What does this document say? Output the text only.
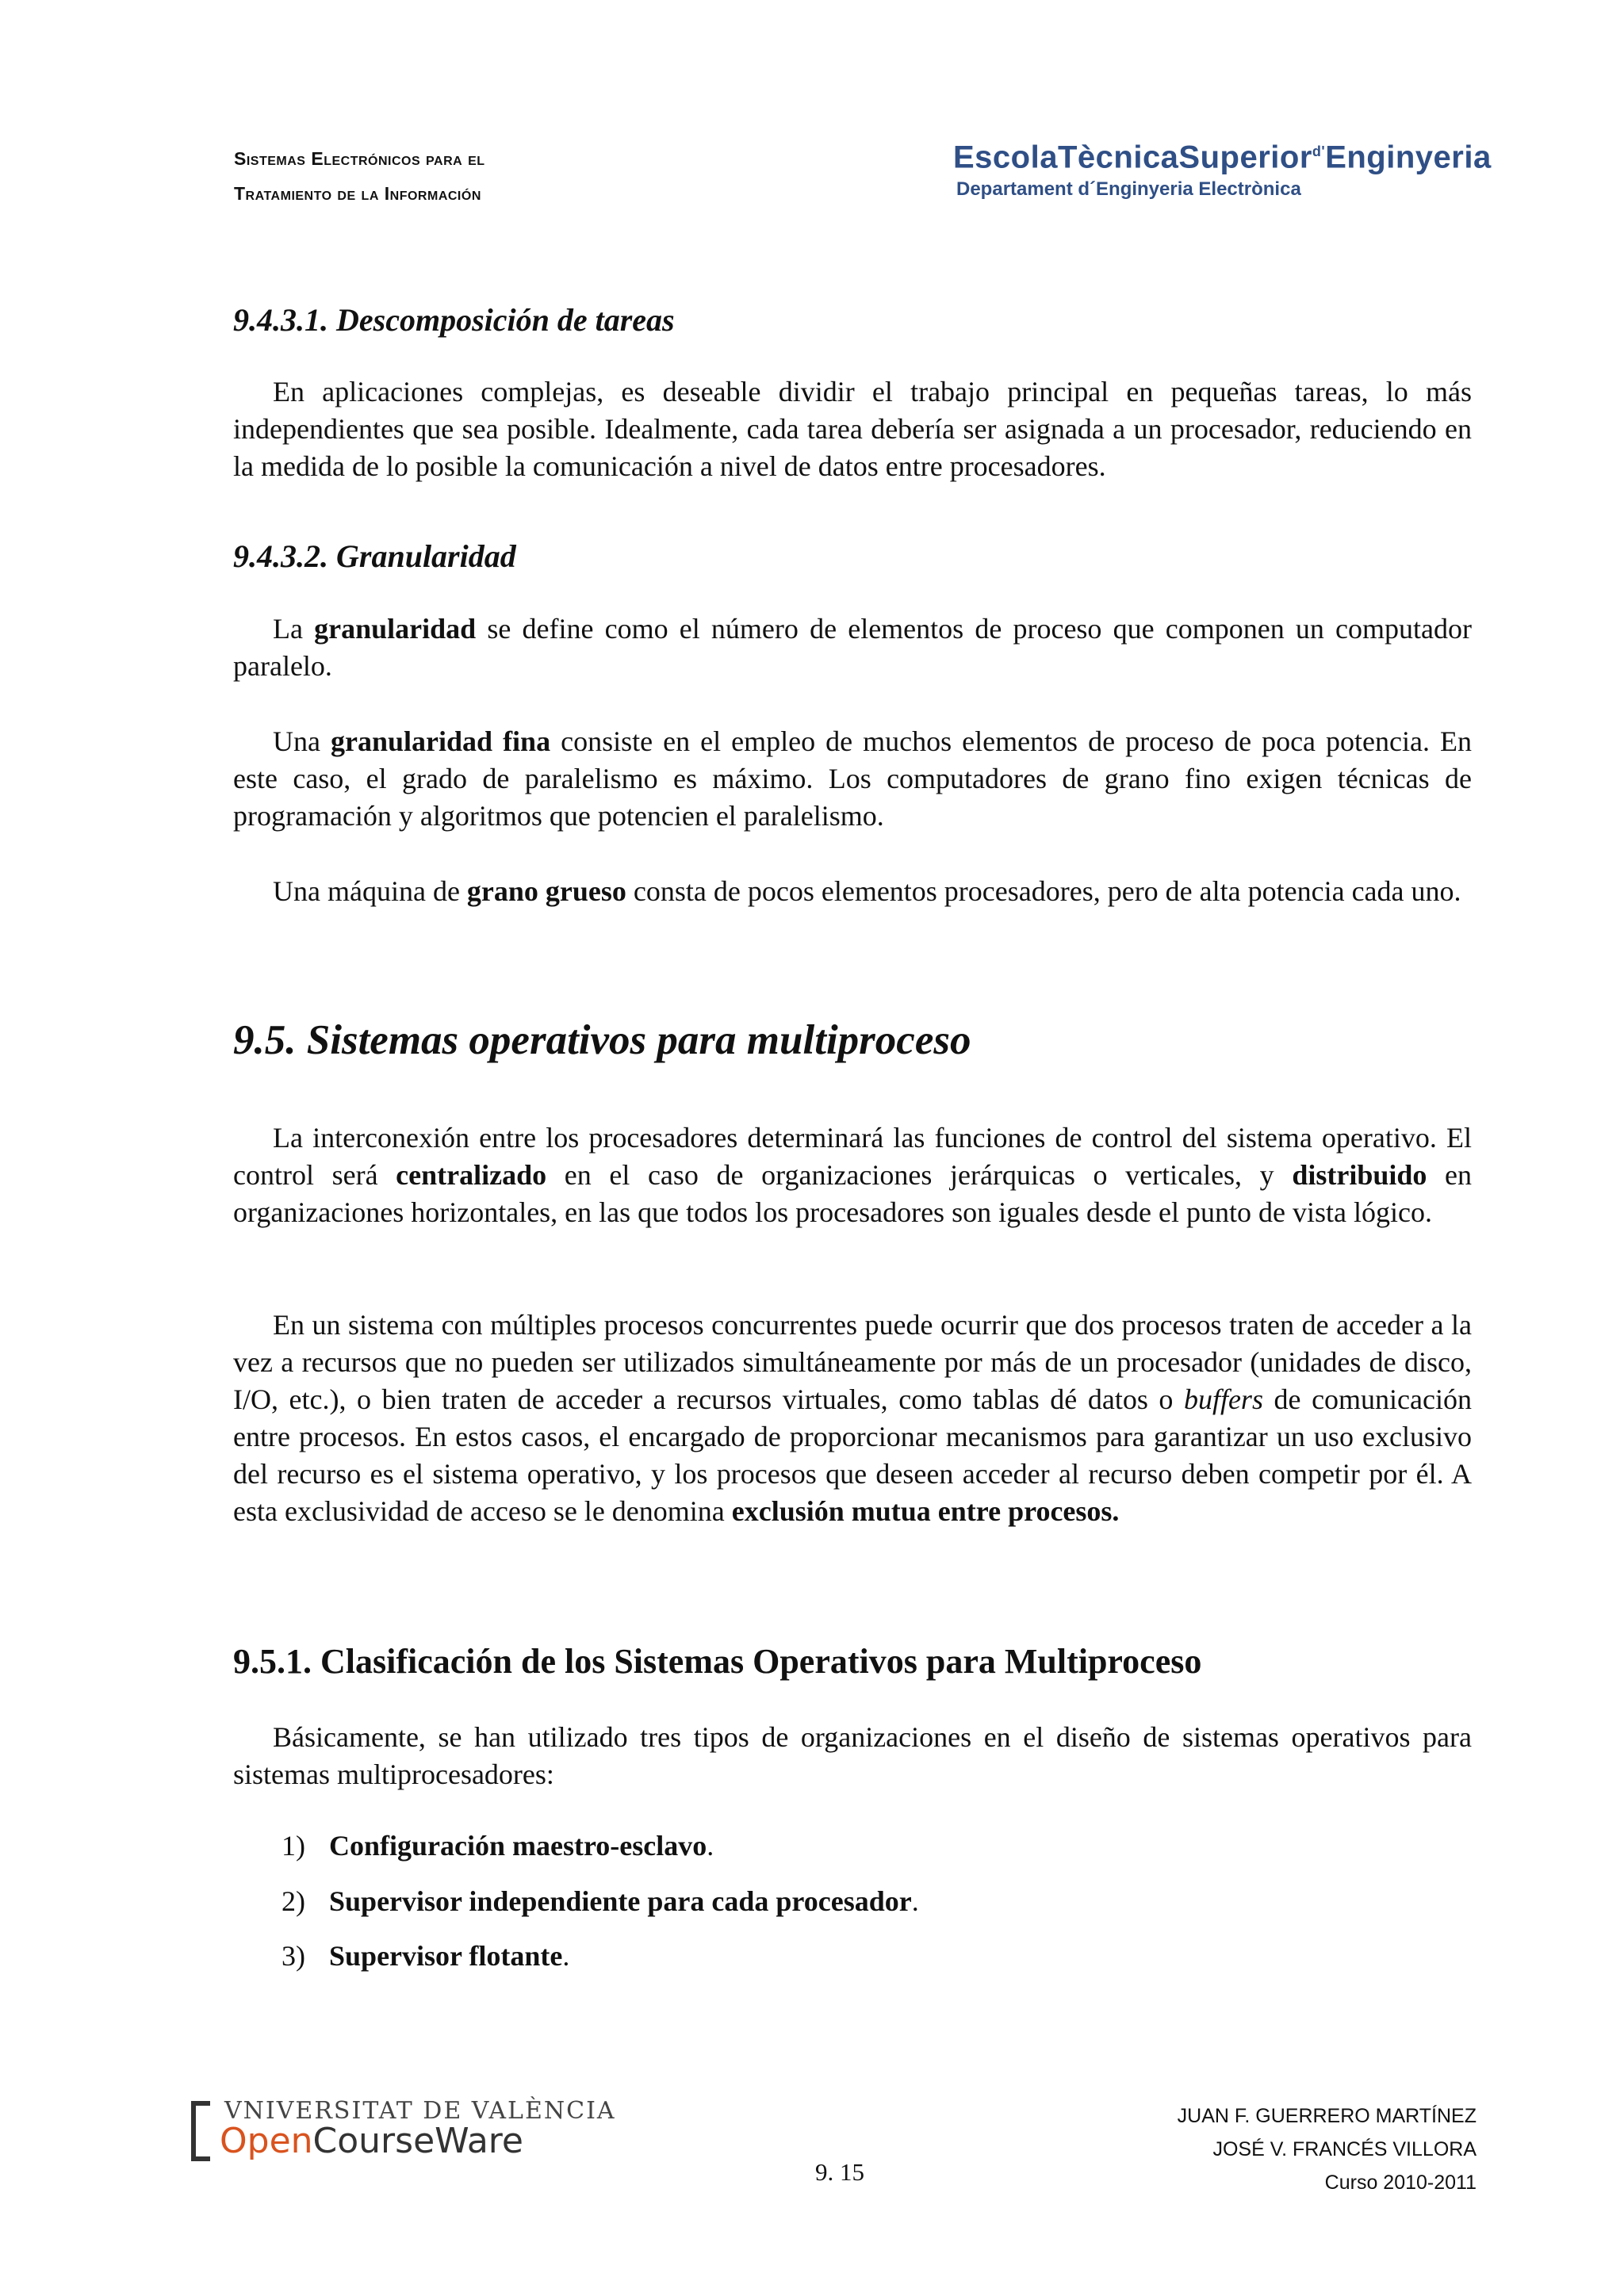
Sistemas Electrónicos para el
Tratamiento de la Información
EscolaTècnicaSuperior$^{d'}$Enginyeria
Departament d´Enginyeria Electrònica
9.4.3.1. Descomposición de tareas

En aplicaciones complejas, es deseable dividir el trabajo principal en pequeñas tareas, lo más independientes que sea posible. Idealmente, cada tarea debería ser asignada a un procesador, reduciendo en la medida de lo posible la comunicación a nivel de datos entre procesadores.

9.4.3.2. Granularidad

La granularidad se define como el número de elementos de proceso que componen un computador paralelo.

Una granularidad fina consiste en el empleo de muchos elementos de proceso de poca potencia. En este caso, el grado de paralelismo es máximo. Los computadores de grano fino exigen técnicas de programación y algoritmos que potencien el paralelismo.

Una máquina de grano grueso consta de pocos elementos procesadores, pero de alta potencia cada uno.

9.5. Sistemas operativos para multiproceso

La interconexión entre los procesadores determinará las funciones de control del sistema operativo. El control será centralizado en el caso de organizaciones jerárquicas o verticales, y distribuido en organizaciones horizontales, en las que todos los procesadores son iguales desde el punto de vista lógico.

En un sistema con múltiples procesos concurrentes puede ocurrir que dos procesos traten de acceder a la vez a recursos que no pueden ser utilizados simultáneamente por más de un procesador (unidades de disco, I/O, etc.), o bien traten de acceder a recursos virtuales, como tablas dé datos o buffers de comunicación entre procesos. En estos casos, el encargado de proporcionar mecanismos para garantizar un uso exclusivo del recurso es el sistema operativo, y los procesos que deseen acceder al recurso deben competir por él. A esta exclusividad de acceso se le denomina exclusión mutua entre procesos.

9.5.1. Clasificación de los Sistemas Operativos para Multiproceso

Básicamente, se han utilizado tres tipos de organizaciones en el diseño de sistemas operativos para sistemas multiprocesadores:

1) Configuración maestro-esclavo.
2) Supervisor independiente para cada procesador.
3) Supervisor flotante.
VNIVERSITAT DE VALÈNCIA
OpenCourseWare
9. 15
JUAN F. GUERRERO MARTÍNEZ
JOSÉ V. FRANCÉS VILLORA
Curso 2010-2011
